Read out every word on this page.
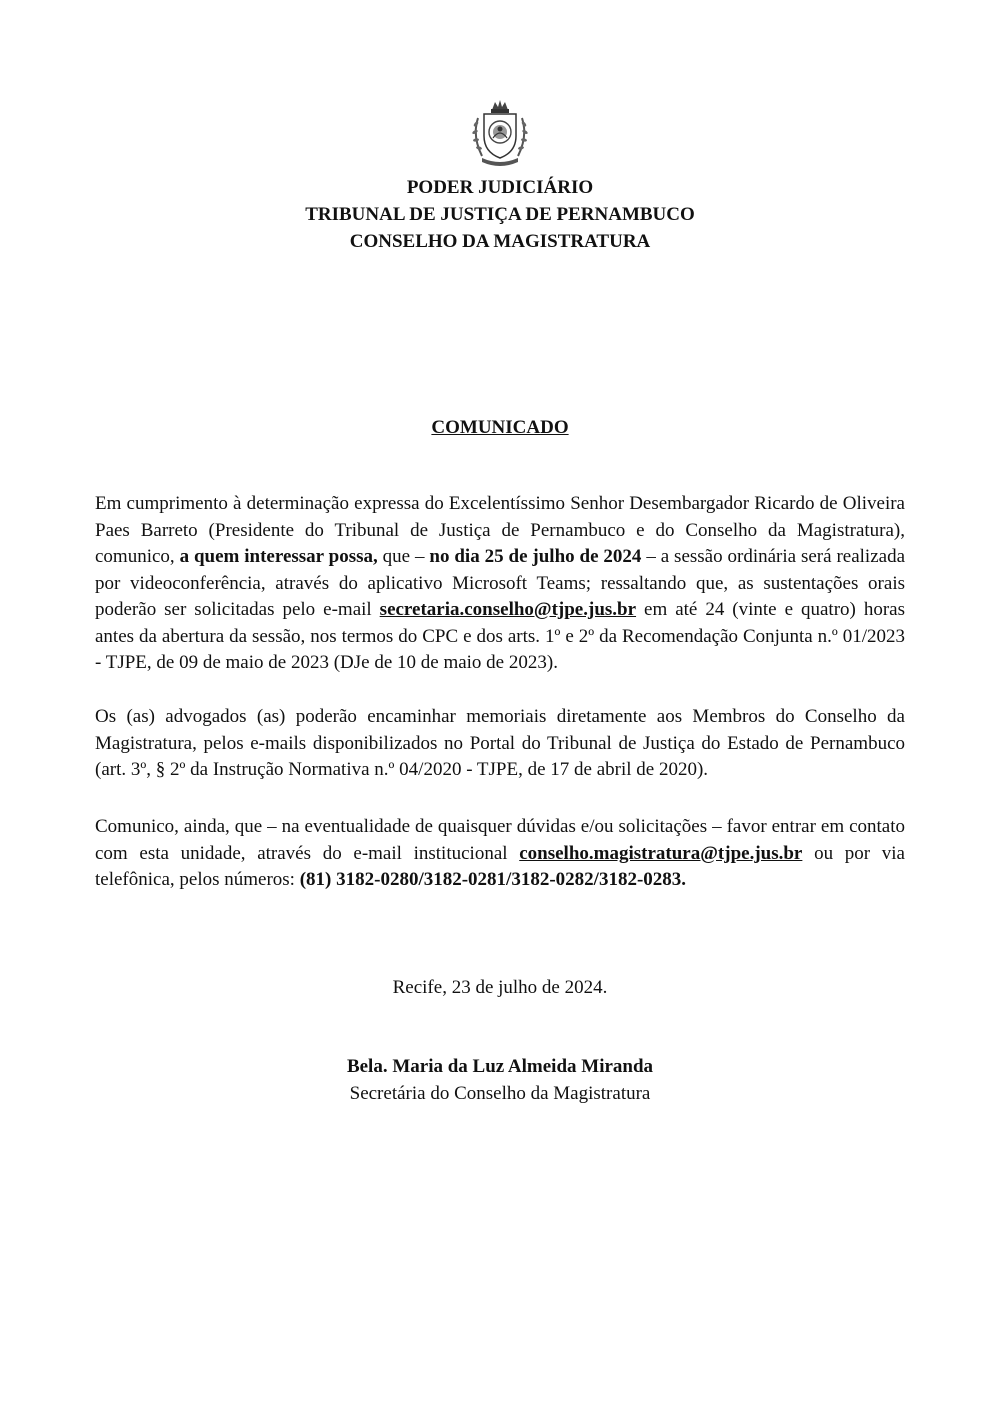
PODER JUDICIÁRIO
TRIBUNAL DE JUSTIÇA DE PERNAMBUCO
CONSELHO DA MAGISTRATURA
COMUNICADO
Em cumprimento à determinação expressa do Excelentíssimo Senhor Desembargador Ricardo de Oliveira Paes Barreto (Presidente do Tribunal de Justiça de Pernambuco e do Conselho da Magistratura), comunico, a quem interessar possa, que – no dia 25 de julho de 2024 – a sessão ordinária será realizada por videoconferência, através do aplicativo Microsoft Teams; ressaltando que, as sustentações orais poderão ser solicitadas pelo e-mail secretaria.conselho@tjpe.jus.br em até 24 (vinte e quatro) horas antes da abertura da sessão, nos termos do CPC e dos arts. 1º e 2º da Recomendação Conjunta n.º 01/2023 - TJPE, de 09 de maio de 2023 (DJe de 10 de maio de 2023).
Os (as) advogados (as) poderão encaminhar memoriais diretamente aos Membros do Conselho da Magistratura, pelos e-mails disponibilizados no Portal do Tribunal de Justiça do Estado de Pernambuco (art. 3º, § 2º da Instrução Normativa n.º 04/2020 - TJPE, de 17 de abril de 2020).
Comunico, ainda, que – na eventualidade de quaisquer dúvidas e/ou solicitações – favor entrar em contato com esta unidade, através do e-mail institucional conselho.magistratura@tjpe.jus.br ou por via telefônica, pelos números: (81) 3182-0280/3182-0281/3182-0282/3182-0283.
Recife, 23 de julho de 2024.
Bela. Maria da Luz Almeida Miranda
Secretária do Conselho da Magistratura
